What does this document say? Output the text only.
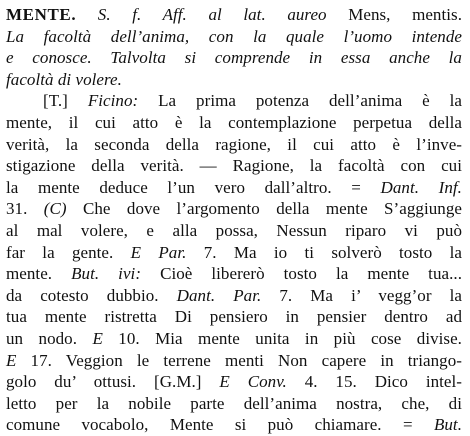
MENTE. S. f. Aff. al lat. aureo Mens, mentis.
La facoltà dell’anima, con la quale l’uomo intende
e conosce. Talvolta si comprende in essa anche la
facoltà di volere.
[T.] Ficino: La prima potenza dell’anima è la
mente, il cui atto è la contemplazione perpetua della
verità, la seconda della ragione, il cui atto è l’inve-
stigazione della verità. — Ragione, la facoltà con cui
la mente deduce l’un vero dall’altro. = Dant. Inf.
31. (C) Che dove l’argomento della mente S’aggiunge
al mal volere, e alla possa, Nessun riparo vi può
far la gente. E Par. 7. Ma io ti solverò tosto la
mente. But. ivi: Cioè libererò tosto la mente tua...
da cotesto dubbio. Dant. Par. 7. Ma i’ vegg’or la
tua mente ristretta Di pensiero in pensier dentro ad
un nodo. E 10. Mia mente unita in più cose divise.
E 17. Veggion le terrene menti Non capere in triango-
golo du’ ottusi. [G.M.] E Conv. 4. 15. Dico intel-
letto per la nobile parte dell’anima nostra, che, di
comune vocabolo, Mente si può chiamare. = But.
